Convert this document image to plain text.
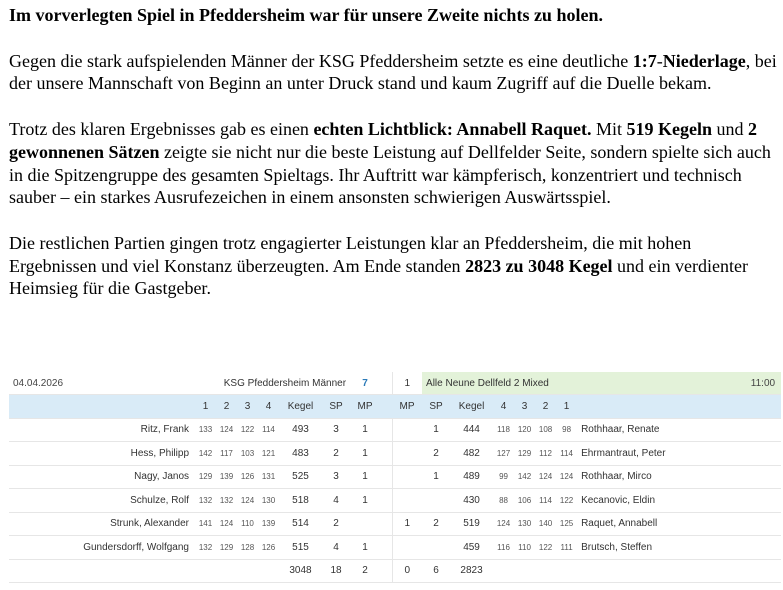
Im vorverlegten Spiel in Pfeddersheim war für unsere Zweite nichts zu holen.

Gegen die stark aufspielenden Männer der KSG Pfeddersheim setzte es eine deutliche 1:7-Niederlage, bei der unsere Mannschaft von Beginn an unter Druck stand und kaum Zugriff auf die Duelle bekam.

Trotz des klaren Ergebnisses gab es einen echten Lichtblick: Annabell Raquet. Mit 519 Kegeln und 2 gewonnenen Sätzen zeigte sie nicht nur die beste Leistung auf Dellfelder Seite, sondern spielte sich auch in die Spitzengruppe des gesamten Spieltags. Ihr Auftritt war kämpferisch, konzentriert und technisch sauber – ein starkes Ausrufezeichen in einem ansonsten schwierigen Auswärtsspiel.

Die restlichen Partien gingen trotz engagierter Leistungen klar an Pfeddersheim, die mit hohen Ergebnissen und viel Konstanz überzeugten. Am Ende standen 2823 zu 3048 Kegel und ein verdienter Heimsieg für die Gastgeber.

04.04.2026		KSG Pfeddersheim Männer					7		1	Alle Neune Dellfeld 2 Mixed					11:00	
	1	2	3	4	Kegel	SP	MP		MP	SP	Kegel	4	3	2	1	
Ritz, Frank	133	124	122	114	493	3	1			1	444	118	120	108	98	Rothhaar, Renate
Hess, Philipp	142	117	103	121	483	2	1			2	482	127	129	112	114	Ehrmantraut, Peter
Nagy, Janos	129	139	126	131	525	3	1			1	489	99	142	124	124	Rothhaar, Mirco
Schulze, Rolf	132	132	124	130	518	4	1				430	88	106	114	122	Kecanovic, Eldin
Strunk, Alexander	141	124	110	139	514	2			1	2	519	124	130	140	125	Raquet, Annabell
Gundersdorff, Wolfgang	132	129	128	126	515	4	1				459	116	110	122	111	Brutsch, Steffen
					3048	18	2		0	6	2823					
